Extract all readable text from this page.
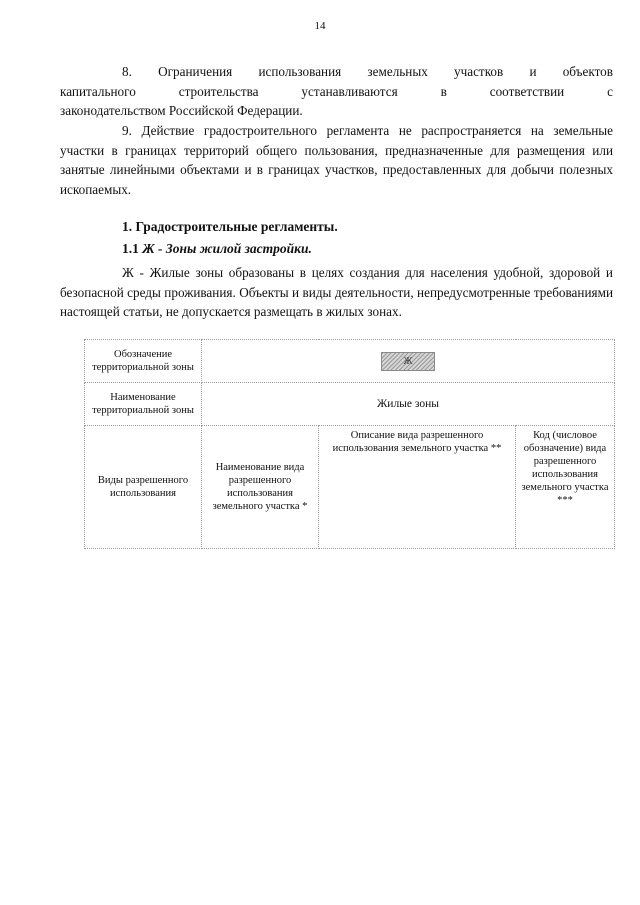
14
8. Ограничения использования земельных участков и объектов
капитального строительства устанавливаются в соответствии с
законодательством Российской Федерации.
9. Действие градостроительного регламента не распространяется на земельные участки в границах территорий общего пользования, предназначенные для размещения или занятые линейными объектами и в границах участков, предоставленных для добычи полезных ископаемых.
1. Градостроительные регламенты.
1.1 Ж - Зоны жилой застройки.
Ж - Жилые зоны образованы в целях создания для населения удобной, здоровой и безопасной среды проживания. Объекты и виды деятельности, непредусмотренные требованиями настоящей статьи, не допускается размещать в жилых зонах.
Обозначение территориальной зоны	Ж		
Наименование территориальной зоны	Жилые зоны		
Виды разрешенного использования	Наименование вида разрешенного использования земельного участка *	Описание вида разрешенного использования земельного участка **	Код (числовое обозначение) вида разрешенного использования земельного участка ***
